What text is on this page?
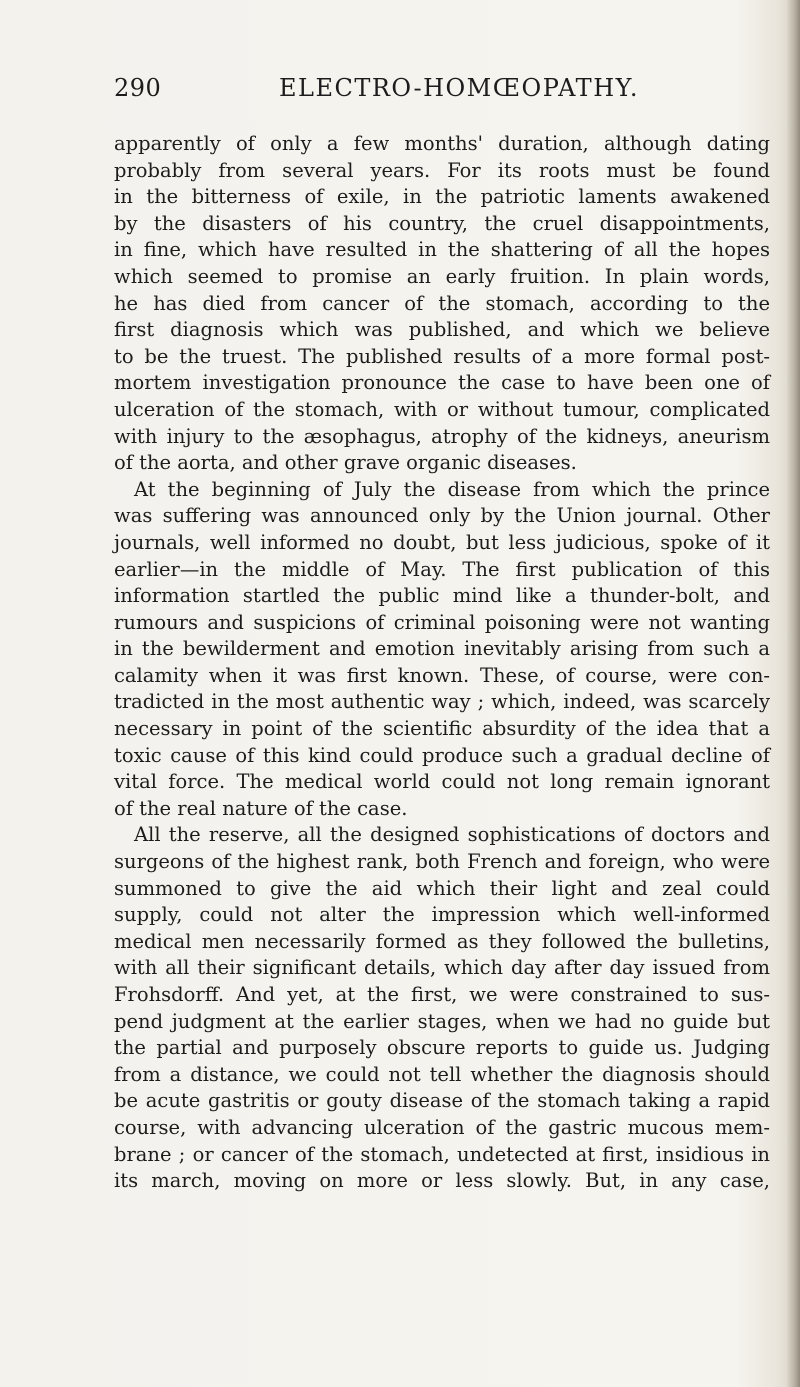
290	ELECTRO-HOMŒOPATHY.
apparently of only a few months' duration, although dating
probably from several years. For its roots must be found
in the bitterness of exile, in the patriotic laments awakened
by the disasters of his country, the cruel disappointments,
in fine, which have resulted in the shattering of all the hopes
which seemed to promise an early fruition. In plain words,
he has died from cancer of the stomach, according to the
first diagnosis which was published, and which we believe
to be the truest. The published results of a more formal post-
mortem investigation pronounce the case to have been one of
ulceration of the stomach, with or without tumour, complicated
with injury to the æsophagus, atrophy of the kidneys, aneurism
of the aorta, and other grave organic diseases.
At the beginning of July the disease from which the prince
was suffering was announced only by the Union journal. Other
journals, well informed no doubt, but less judicious, spoke of it
earlier—in the middle of May. The first publication of this
information startled the public mind like a thunder-bolt, and
rumours and suspicions of criminal poisoning were not wanting
in the bewilderment and emotion inevitably arising from such a
calamity when it was first known. These, of course, were con-
tradicted in the most authentic way ; which, indeed, was scarcely
necessary in point of the scientific absurdity of the idea that a
toxic cause of this kind could produce such a gradual decline of
vital force. The medical world could not long remain ignorant
of the real nature of the case.
All the reserve, all the designed sophistications of doctors and
surgeons of the highest rank, both French and foreign, who were
summoned to give the aid which their light and zeal could
supply, could not alter the impression which well-informed
medical men necessarily formed as they followed the bulletins,
with all their significant details, which day after day issued from
Frohsdorff. And yet, at the first, we were constrained to sus-
pend judgment at the earlier stages, when we had no guide but
the partial and purposely obscure reports to guide us. Judging
from a distance, we could not tell whether the diagnosis should
be acute gastritis or gouty disease of the stomach taking a rapid
course, with advancing ulceration of the gastric mucous mem-
brane ; or cancer of the stomach, undetected at first, insidious in
its march, moving on more or less slowly. But, in any case,
